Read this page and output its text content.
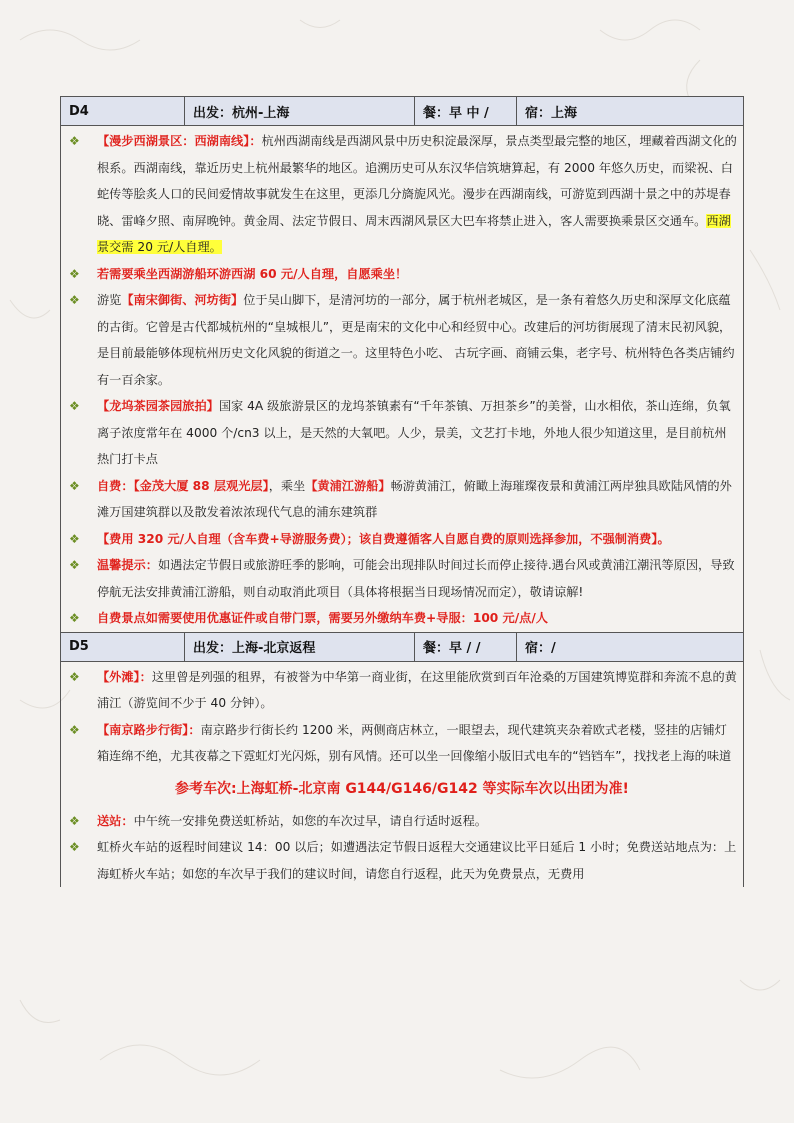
D4	出发：杭州-上海	餐：早 中 /	宿：上海
❖ 【漫步西湖景区：西湖南线】：杭州西湖南线是西湖风景中历史积淀最深厚，景点类型最完整的地区，埋藏着西湖文化的根系。西湖南线，靠近历史上杭州最繁华的地区。追溯历史可从东汉华信筑塘算起，有 2000 年悠久历史，而梁祝、白蛇传等脍炙人口的民间爱情故事就发生在这里，更添几分旖旎风光。漫步在西湖南线，可游览到西湖十景之中的苏堤春晓、雷峰夕照、南屏晚钟。黄金周、法定节假日、周末西湖风景区大巴车将禁止进入，客人需要换乘景区交通车。西湖景交需 20 元/人自理。
❖ 若需要乘坐西湖游船环游西湖 60 元/人自理，自愿乘坐！
❖ 游览【南宋御街、河坊街】位于吴山脚下，是清河坊的一部分，属于杭州老城区，是一条有着悠久历史和深厚文化底蕴的古街。它曾是古代都城杭州的“皇城根儿”，更是南宋的文化中心和经贸中心。改建后的河坊街展现了清末民初风貌，是目前最能够体现杭州历史文化风貌的街道之一。这里特色小吃、 古玩字画、商铺云集，老字号、杭州特色各类店铺约有一百余家。
❖ 【龙坞茶园茶园旅拍】国家 4A 级旅游景区的龙坞茶镇素有“千年茶镇、万担茶乡”的美誉，山水相依，茶山连绵，负氧离子浓度常年在 4000 个/cn3 以上，是天然的大氧吧。人少，景美，文艺打卡地，外地人很少知道这里，是目前杭州热门打卡点
❖ 自费：【金茂大厦 88 层观光层】，乘坐【黄浦江游船】畅游黄浦江，俯瞰上海璀璨夜景和黄浦江两岸独具欧陆风情的外滩万国建筑群以及散发着浓浓现代气息的浦东建筑群
❖ 【费用 320 元/人自理（含车费+导游服务费）；该自费遵循客人自愿自费的原则选择参加，不强制消费】。
❖ 温馨提示：如遇法定节假日或旅游旺季的影响，可能会出现排队时间过长而停止接待.遇台风或黄浦江潮汛等原因，导致停航无法安排黄浦江游船，则自动取消此项目（具体将根据当日现场情况而定），敬请谅解!
❖ 自费景点如需要使用优惠证件或自带门票，需要另外缴纳车费+导服：100 元/点/人
D5	出发：上海-北京返程	餐：早 / /	宿：/
❖ 【外滩】：这里曾是列强的租界，有被誉为中华第一商业街，在这里能欣赏到百年沧桑的万国建筑博览群和奔流不息的黄浦江（游览间不少于 40 分钟）。
❖ 【南京路步行街】：南京路步行街长约 1200 米，两侧商店林立，一眼望去，现代建筑夹杂着欧式老楼，竖挂的店铺灯箱连绵不绝，尤其夜幕之下霓虹灯光闪烁，别有风情。还可以坐一回像缩小版旧式电车的“铛铛车”，找找老上海的味道
参考车次:上海虹桥-北京南 G144/G146/G142 等实际车次以出团为准!
❖ 送站：中午统一安排免费送虹桥站，如您的车次过早，请自行适时返程。
❖ 虹桥火车站的返程时间建议 14：00 以后；如遭遇法定节假日返程大交通建议比平日延后 1 小时；免费送站地点为：上海虹桥火车站；如您的车次早于我们的建议时间，请您自行返程，此天为免费景点，无费用
